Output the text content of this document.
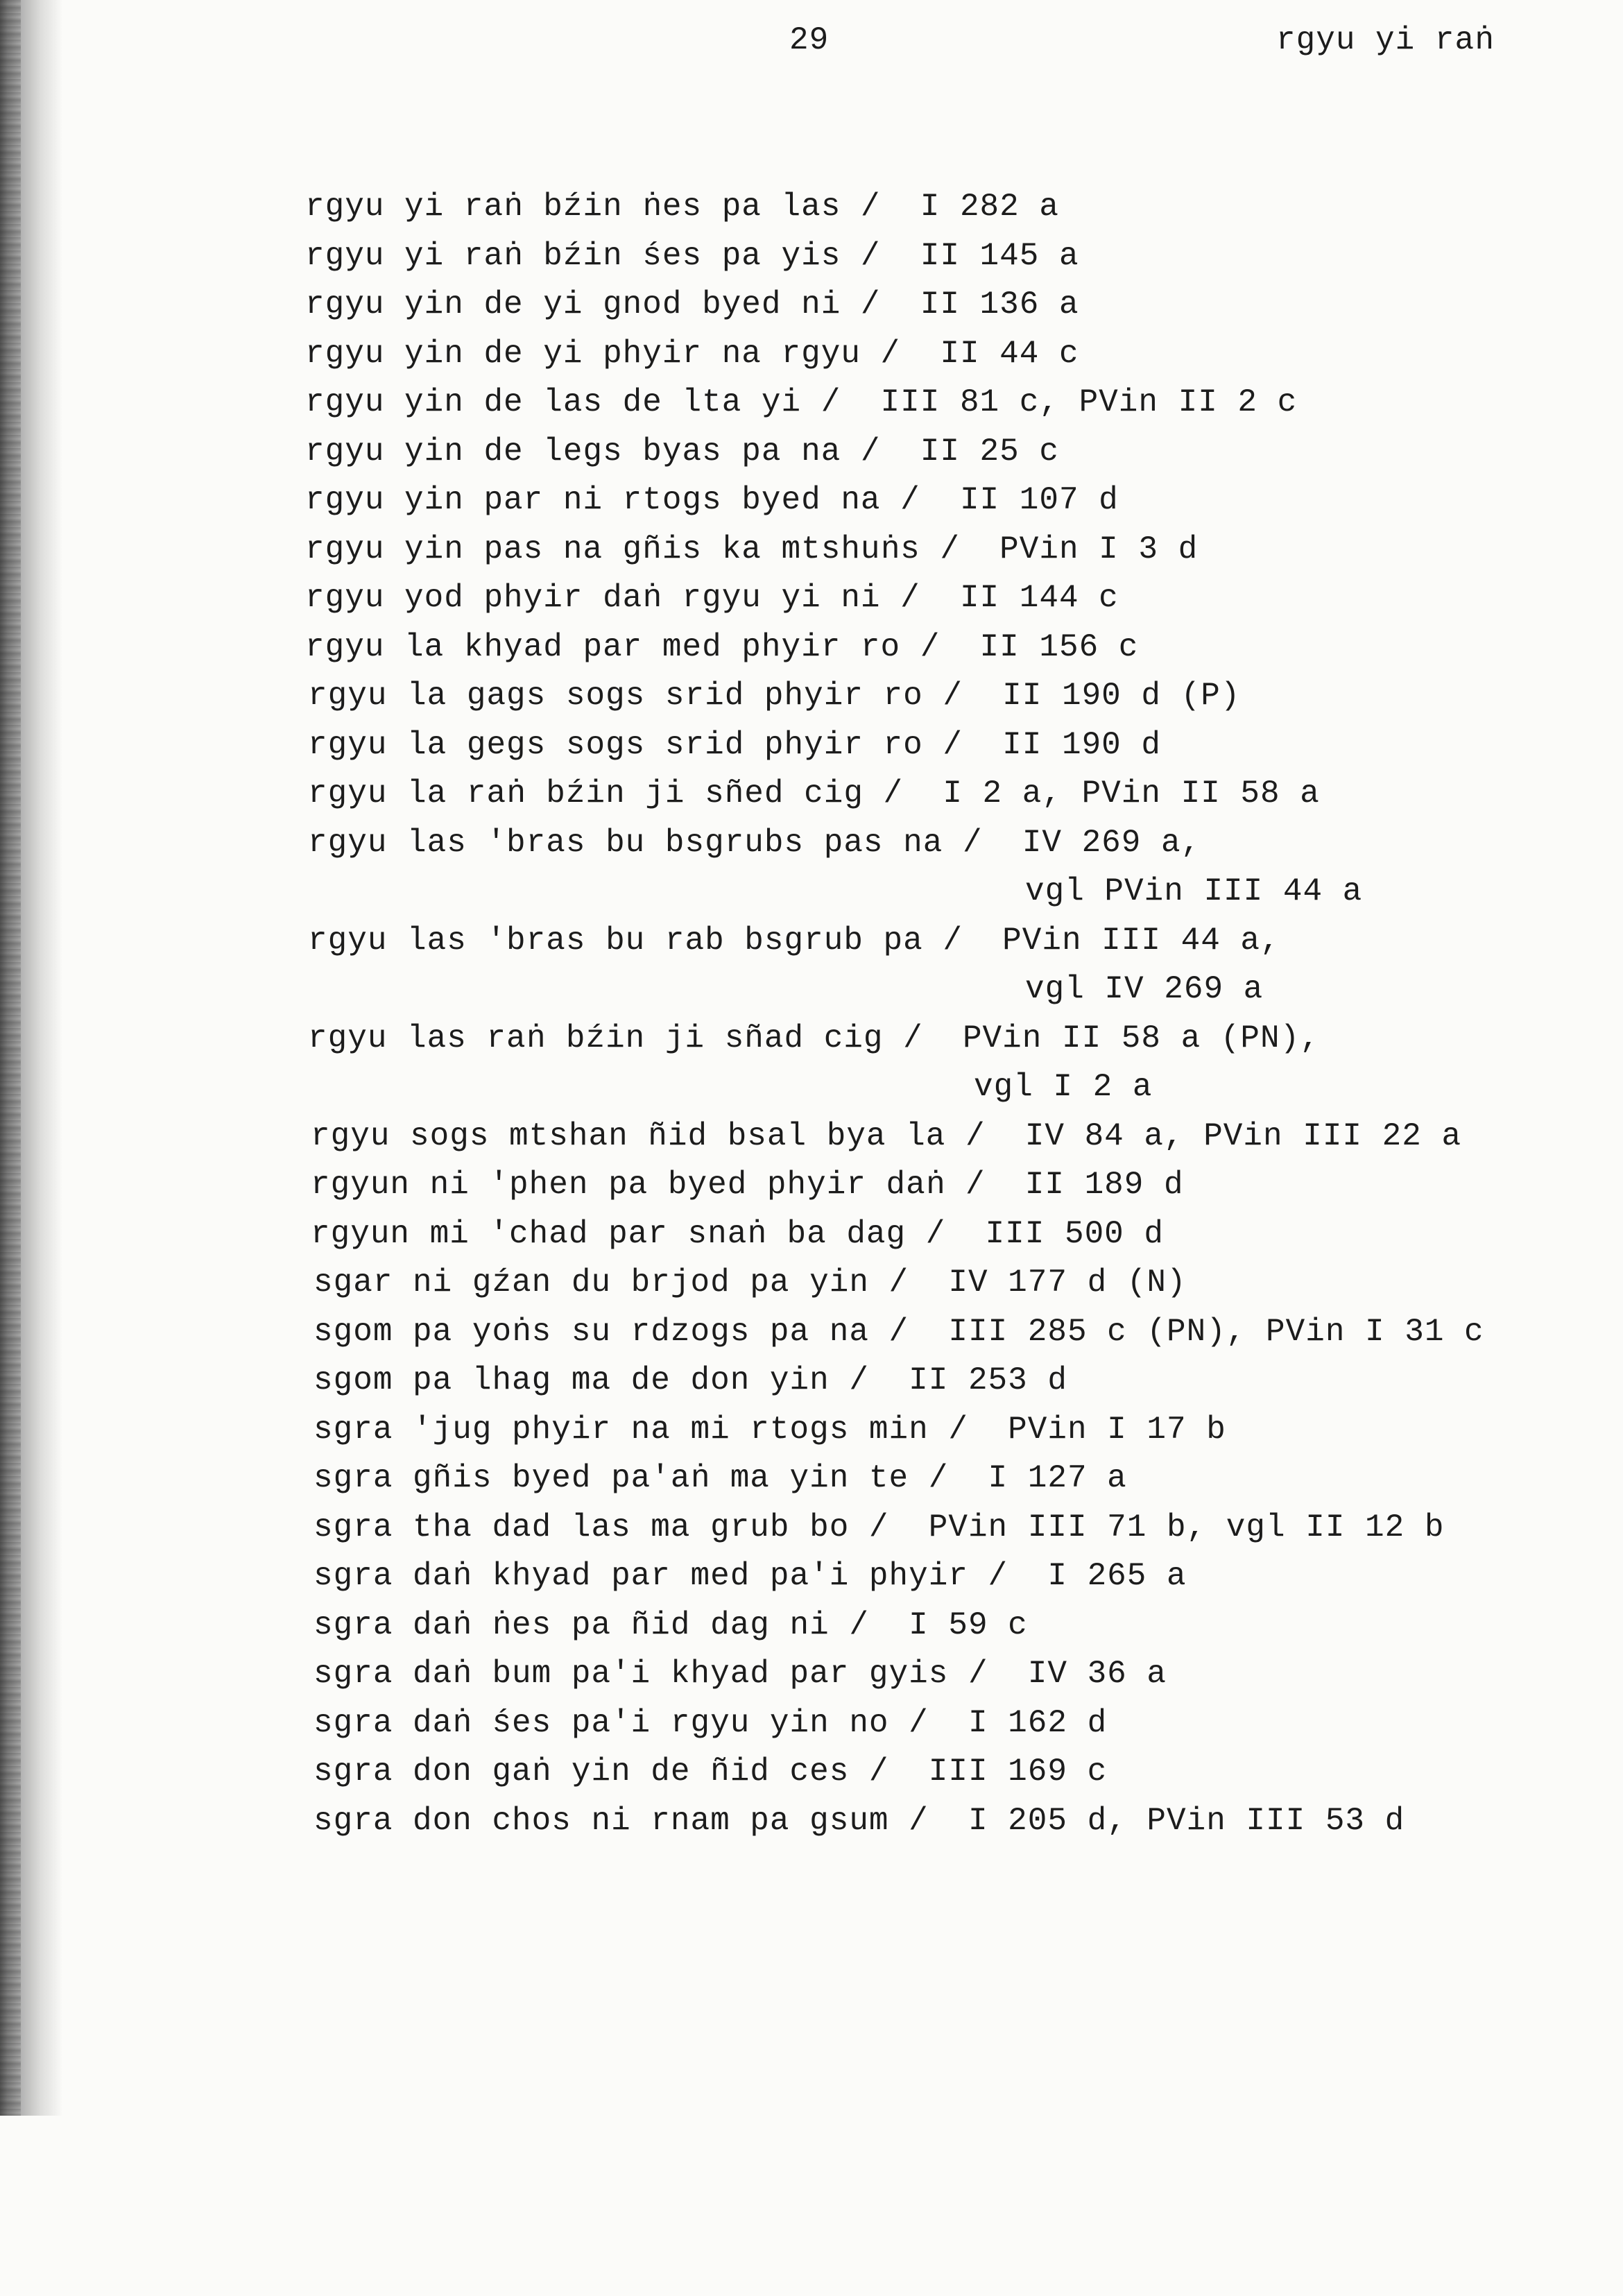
29	rgyu yi raṅ
rgyu yi raṅ bźin ṅes pa las /  I 282 a
rgyu yi raṅ bźin śes pa yis /  II 145 a
rgyu yin de yi gnod byed ni /  II 136 a
rgyu yin de yi phyir na rgyu /  II 44 c
rgyu yin de las de lta yi /  III 81 c, PVin II 2 c
rgyu yin de legs byas pa na /  II 25 c
rgyu yin par ni rtogs byed na /  II 107 d
rgyu yin pas na gñis ka mtshuṅs /  PVin I 3 d
rgyu yod phyir daṅ rgyu yi ni /  II 144 c
rgyu la khyad par med phyir ro /  II 156 c
rgyu la gags sogs srid phyir ro /  II 190 d (P)
rgyu la gegs sogs srid phyir ro /  II 190 d
rgyu la raṅ bźin ji sñed cig /  I 2 a, PVin II 58 a
rgyu las 'bras bu bsgrubs pas na /  IV 269 a,
vgl PVin III 44 a
rgyu las 'bras bu rab bsgrub pa /  PVin III 44 a,
vgl IV 269 a
rgyu las raṅ bźin ji sñad cig /  PVin II 58 a (PN),
vgl I 2 a
rgyu sogs mtshan ñid bsal bya la /  IV 84 a, PVin III 22 a
rgyun ni 'phen pa byed phyir daṅ /  II 189 d
rgyun mi 'chad par snaṅ ba dag /  III 500 d
sgar ni gźan du brjod pa yin /  IV 177 d (N)
sgom pa yoṅs su rdzogs pa na /  III 285 c (PN), PVin I 31 c
sgom pa lhag ma de don yin /  II 253 d
sgra 'jug phyir na mi rtogs min /  PVin I 17 b
sgra gñis byed pa'aṅ ma yin te /  I 127 a
sgra tha dad las ma grub bo /  PVin III 71 b, vgl II 12 b
sgra daṅ khyad par med pa'i phyir /  I 265 a
sgra daṅ ṅes pa ñid dag ni /  I 59 c
sgra daṅ bum pa'i khyad par gyis /  IV 36 a
sgra daṅ śes pa'i rgyu yin no /  I 162 d
sgra don gaṅ yin de ñid ces /  III 169 c
sgra don chos ni rnam pa gsum /  I 205 d, PVin III 53 d
